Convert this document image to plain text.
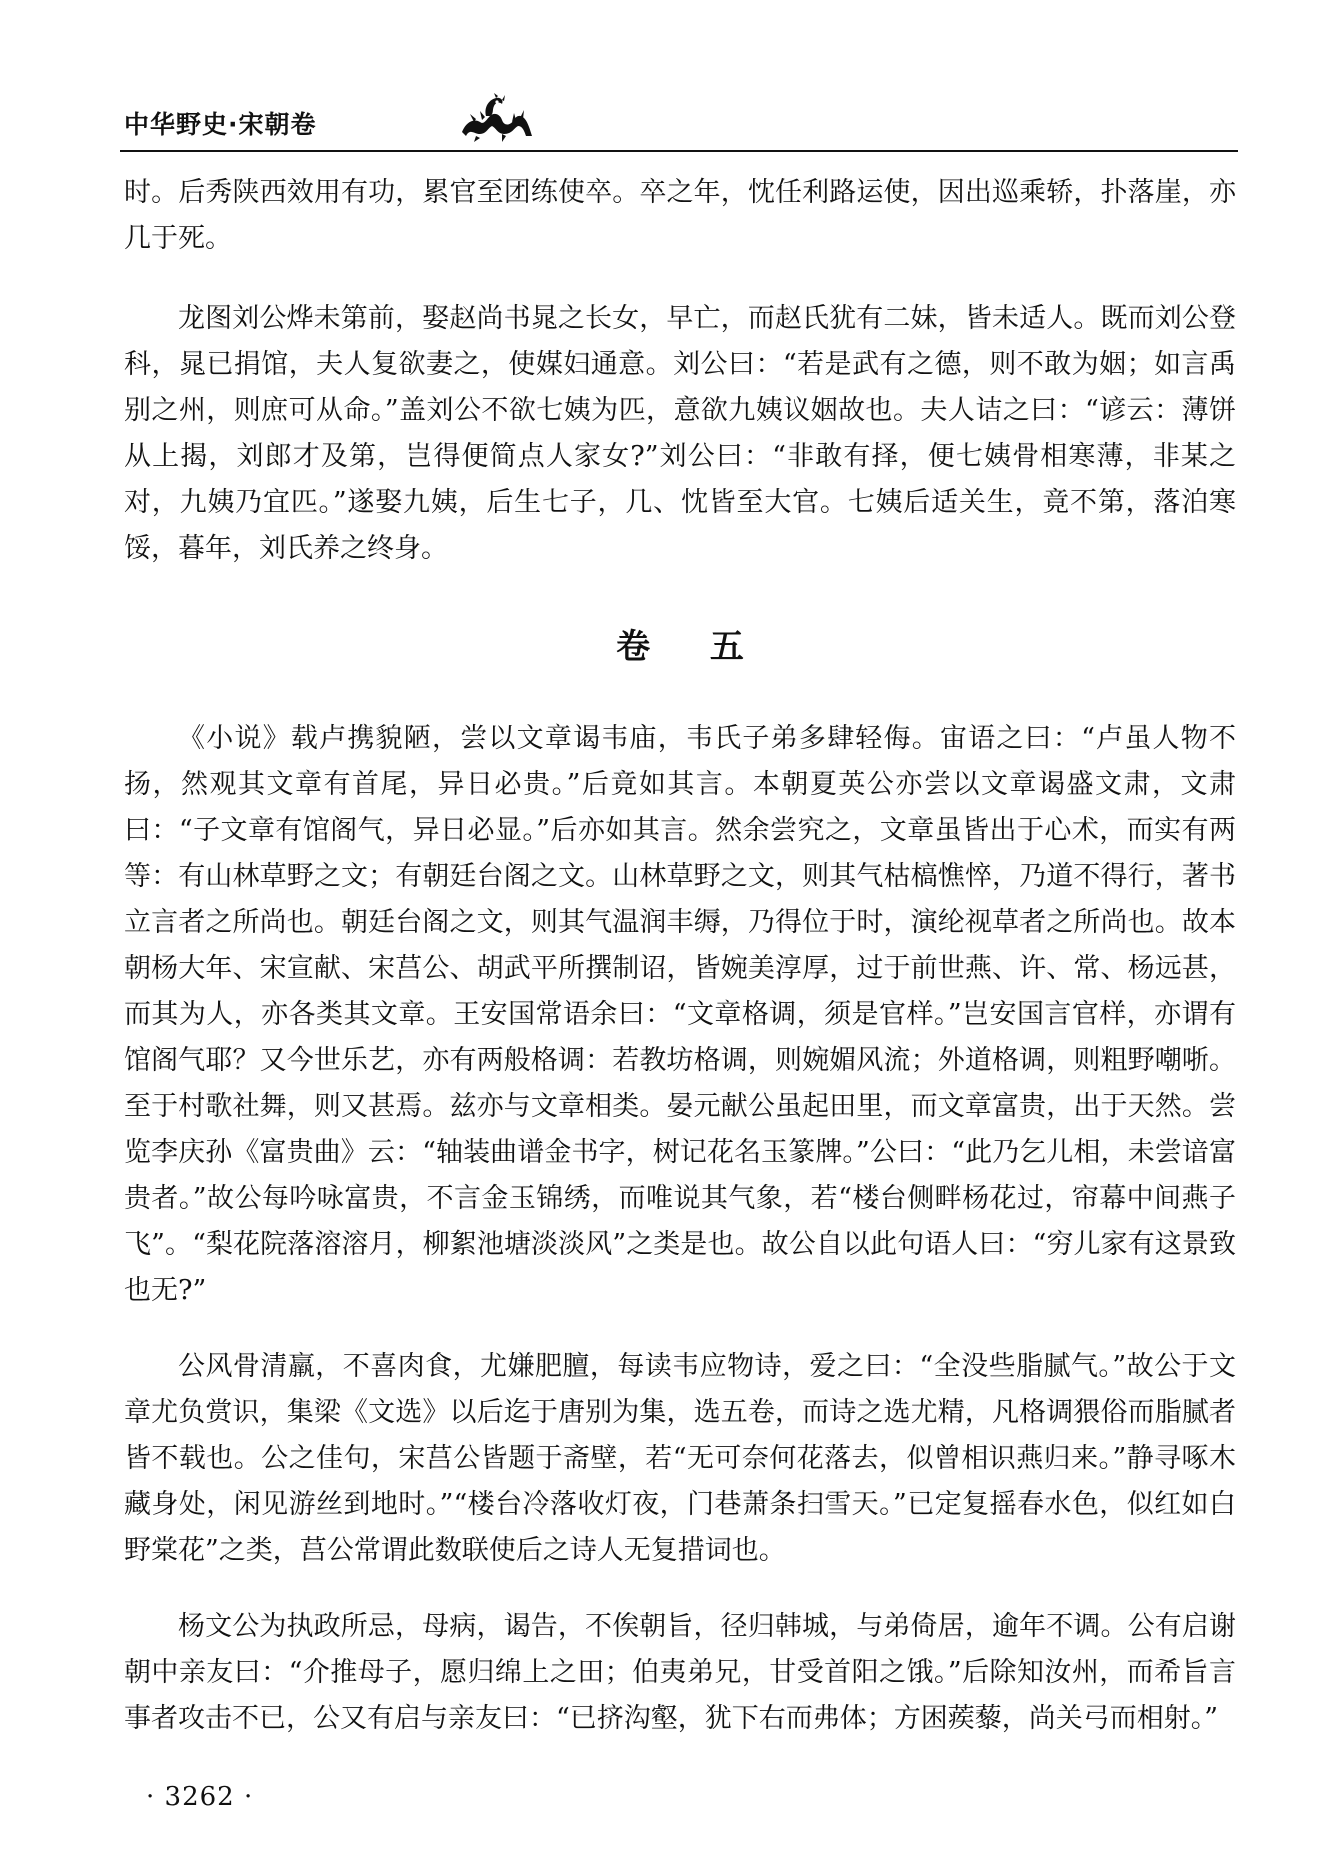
中华野史·宋朝卷

时。后秀陕西效用有功，累官至团练使卒。卒之年，忱任利路运使，因出巡乘轿，扑落崖，亦几于死。

龙图刘公烨未第前，娶赵尚书晁之长女，早亡，而赵氏犹有二妹，皆未适人。既而刘公登科，晁已捐馆，夫人复欲妻之，使媒妇通意。刘公曰：“若是武有之德，则不敢为姻；如言禹别之州，则庶可从命。”盖刘公不欲七姨为匹，意欲九姨议姻故也。夫人诘之曰：“谚云：薄饼从上揭，刘郎才及第，岂得便简点人家女?”刘公曰：“非敢有择，便七姨骨相寒薄，非某之对，九姨乃宜匹。”遂娶九姨，后生七子，几、忱皆至大官。七姨后适关生，竟不第，落泊寒馁，暮年，刘氏养之终身。

卷 五

《小说》载卢携貌陋，尝以文章谒韦庙，韦氏子弟多肆轻侮。宙语之曰：“卢虽人物不扬，然观其文章有首尾，异日必贵。”后竟如其言。本朝夏英公亦尝以文章谒盛文肃，文肃曰：“子文章有馆阁气，异日必显。”后亦如其言。然余尝究之，文章虽皆出于心术，而实有两等：有山林草野之文；有朝廷台阁之文。山林草野之文，则其气枯槁憔悴，乃道不得行，著书立言者之所尚也。朝廷台阁之文，则其气温润丰缛，乃得位于时，演纶视草者之所尚也。故本朝杨大年、宋宣献、宋莒公、胡武平所撰制诏，皆婉美淳厚，过于前世燕、许、常、杨远甚，而其为人，亦各类其文章。王安国常语余曰：“文章格调，须是官样。”岂安国言官样，亦谓有馆阁气耶？又今世乐艺，亦有两般格调：若教坊格调，则婉媚风流；外道格调，则粗野嘲哳。至于村歌社舞，则又甚焉。兹亦与文章相类。晏元献公虽起田里，而文章富贵，出于天然。尝览李庆孙《富贵曲》云：“轴装曲谱金书字，树记花名玉篆牌。”公曰：“此乃乞儿相，未尝谙富贵者。”故公每吟咏富贵，不言金玉锦绣，而唯说其气象，若“楼台侧畔杨花过，帘幕中间燕子飞”。“梨花院落溶溶月，柳絮池塘淡淡风”之类是也。故公自以此句语人曰：“穷儿家有这景致也无?”

公风骨清羸，不喜肉食，尤嫌肥膻，每读韦应物诗，爱之曰：“全没些脂腻气。”故公于文章尤负赏识，集梁《文选》以后迄于唐别为集，选五卷，而诗之选尤精，凡格调猥俗而脂腻者皆不载也。公之佳句，宋莒公皆题于斋壁，若“无可奈何花落去，似曾相识燕归来。”静寻啄木藏身处，闲见游丝到地时。”“楼台冷落收灯夜，门巷萧条扫雪天。”已定复摇春水色，似红如白野棠花”之类，莒公常谓此数联使后之诗人无复措词也。

杨文公为执政所忌，母病，谒告，不俟朝旨，径归韩城，与弟倚居，逾年不调。公有启谢朝中亲友曰：“介推母子，愿归绵上之田；伯夷弟兄，甘受首阳之饿。”后除知汝州，而希旨言事者攻击不已，公又有启与亲友曰：“已挤沟壑，犹下右而弗体；方困蒺藜，尚关弓而相射。”

· 3262 ·
